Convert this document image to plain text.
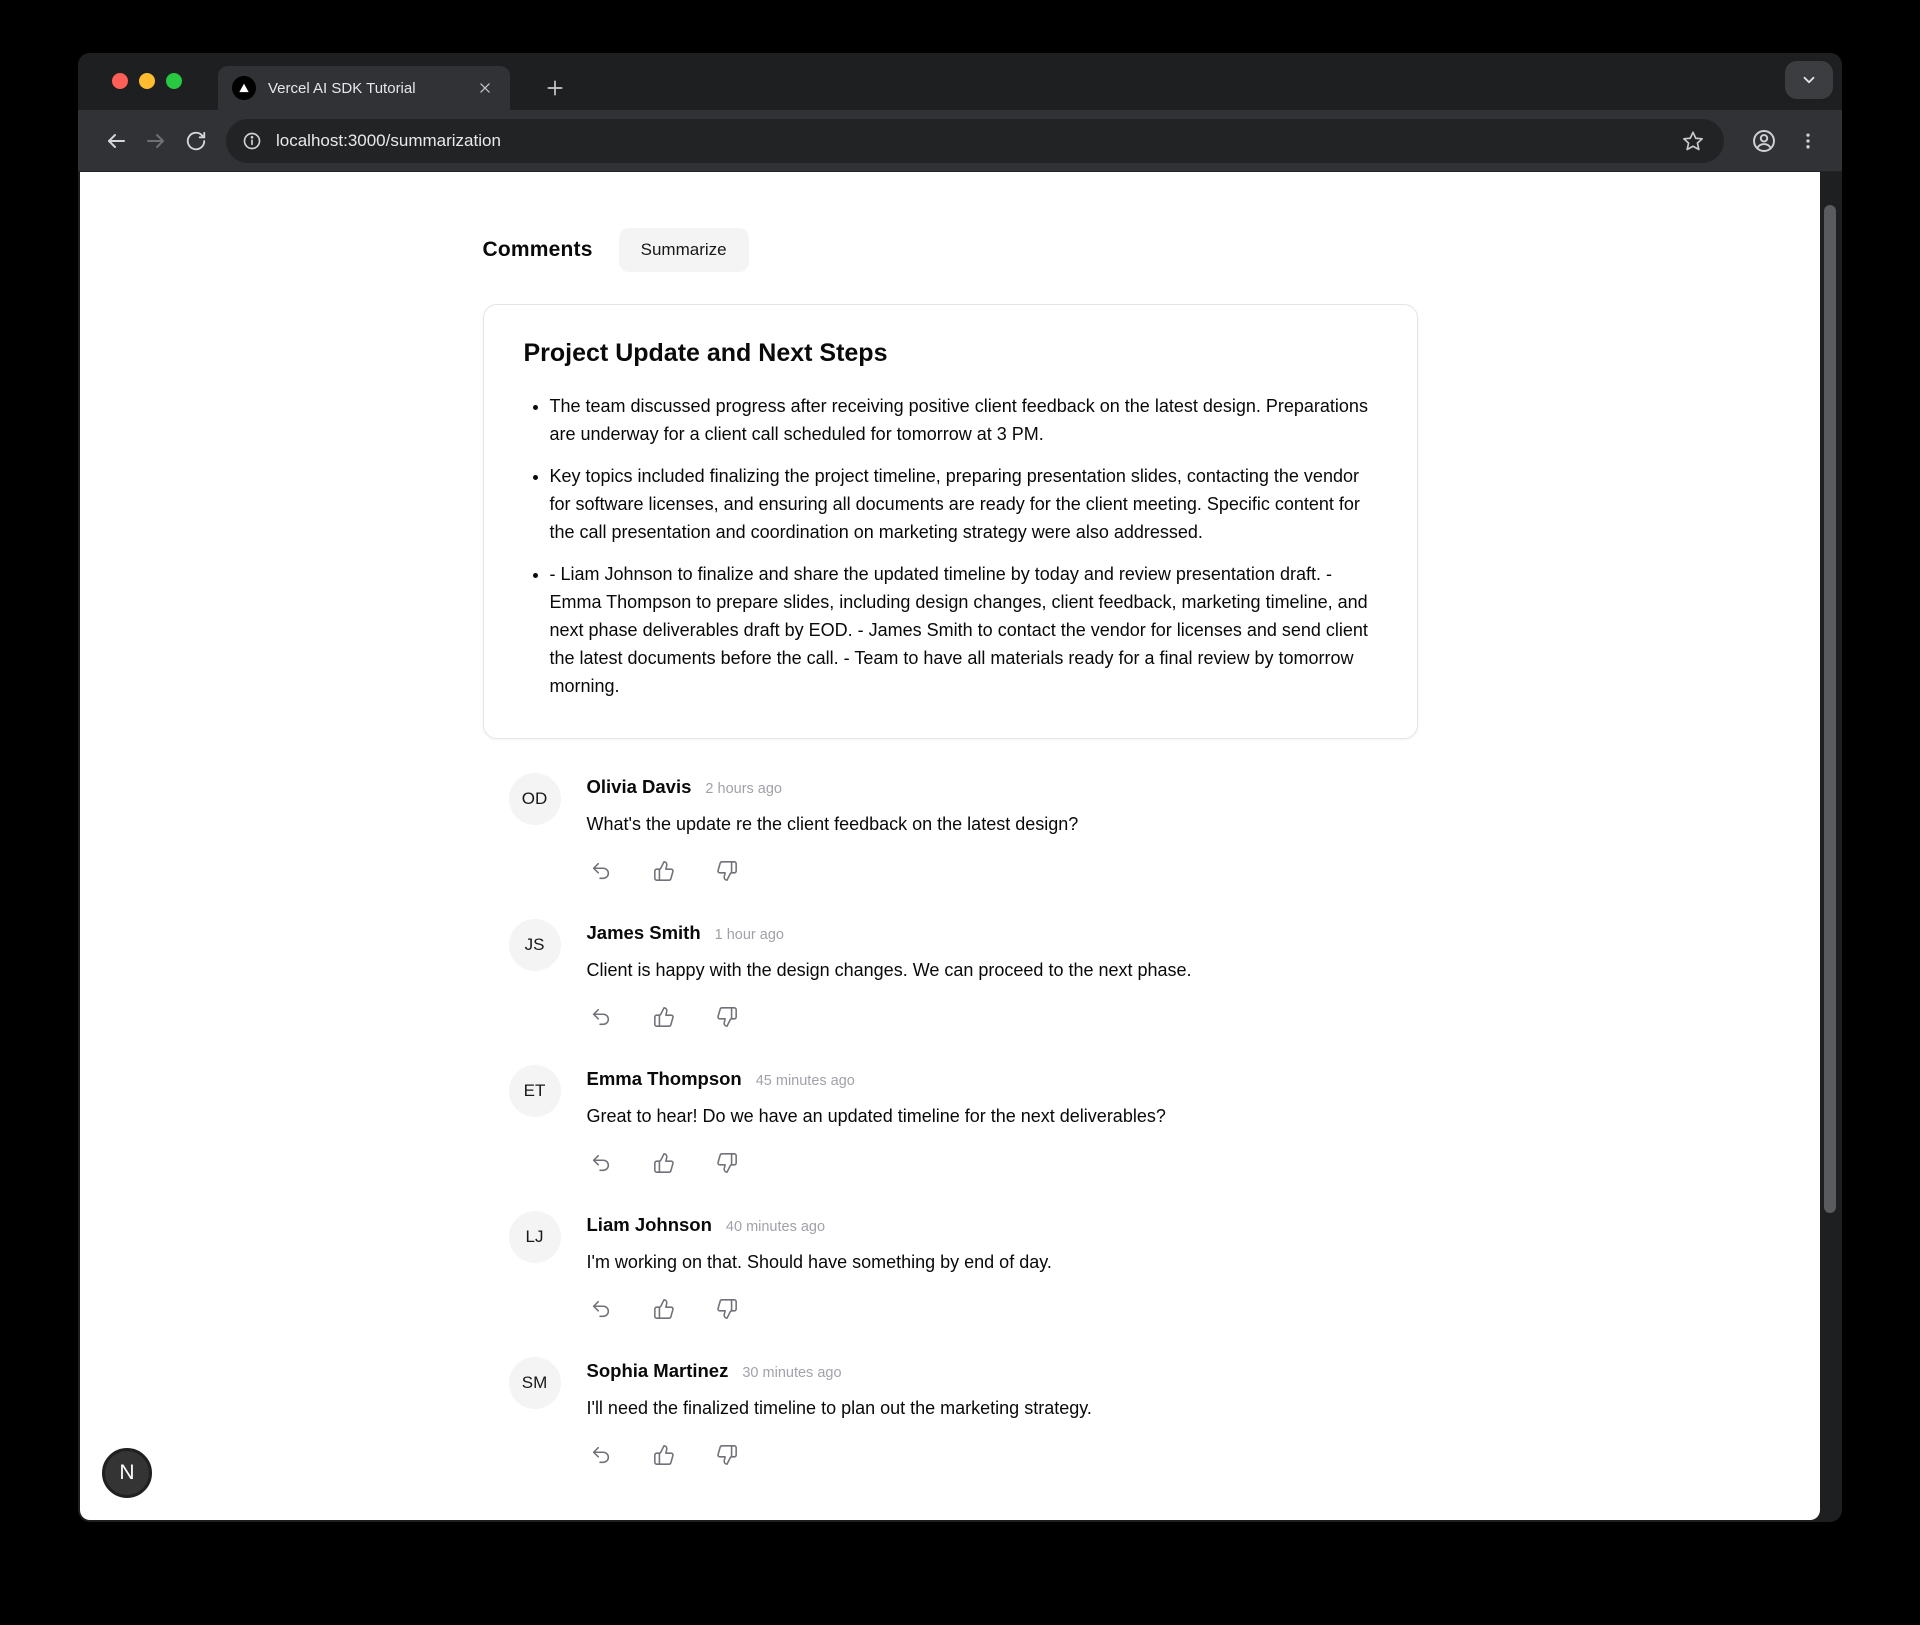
Vercel AI SDK Tutorial
localhost:3000/summarization
Comments	Summarize
Project Update and Next Steps
• The team discussed progress after receiving positive client feedback on the latest design. Preparations are underway for a client call scheduled for tomorrow at 3 PM.
• Key topics included finalizing the project timeline, preparing presentation slides, contacting the vendor for software licenses, and ensuring all documents are ready for the client meeting. Specific content for the call presentation and coordination on marketing strategy were also addressed.
• - Liam Johnson to finalize and share the updated timeline by today and review presentation draft. - Emma Thompson to prepare slides, including design changes, client feedback, marketing timeline, and next phase deliverables draft by EOD. - James Smith to contact the vendor for licenses and send client the latest documents before the call. - Team to have all materials ready for a final review by tomorrow morning.
OD
Olivia Davis 2 hours ago
What's the update re the client feedback on the latest design?
JS
James Smith 1 hour ago
Client is happy with the design changes. We can proceed to the next phase.
ET
Emma Thompson 45 minutes ago
Great to hear! Do we have an updated timeline for the next deliverables?
LJ
Liam Johnson 40 minutes ago
I'm working on that. Should have something by end of day.
SM
Sophia Martinez 30 minutes ago
I'll need the finalized timeline to plan out the marketing strategy.
N
